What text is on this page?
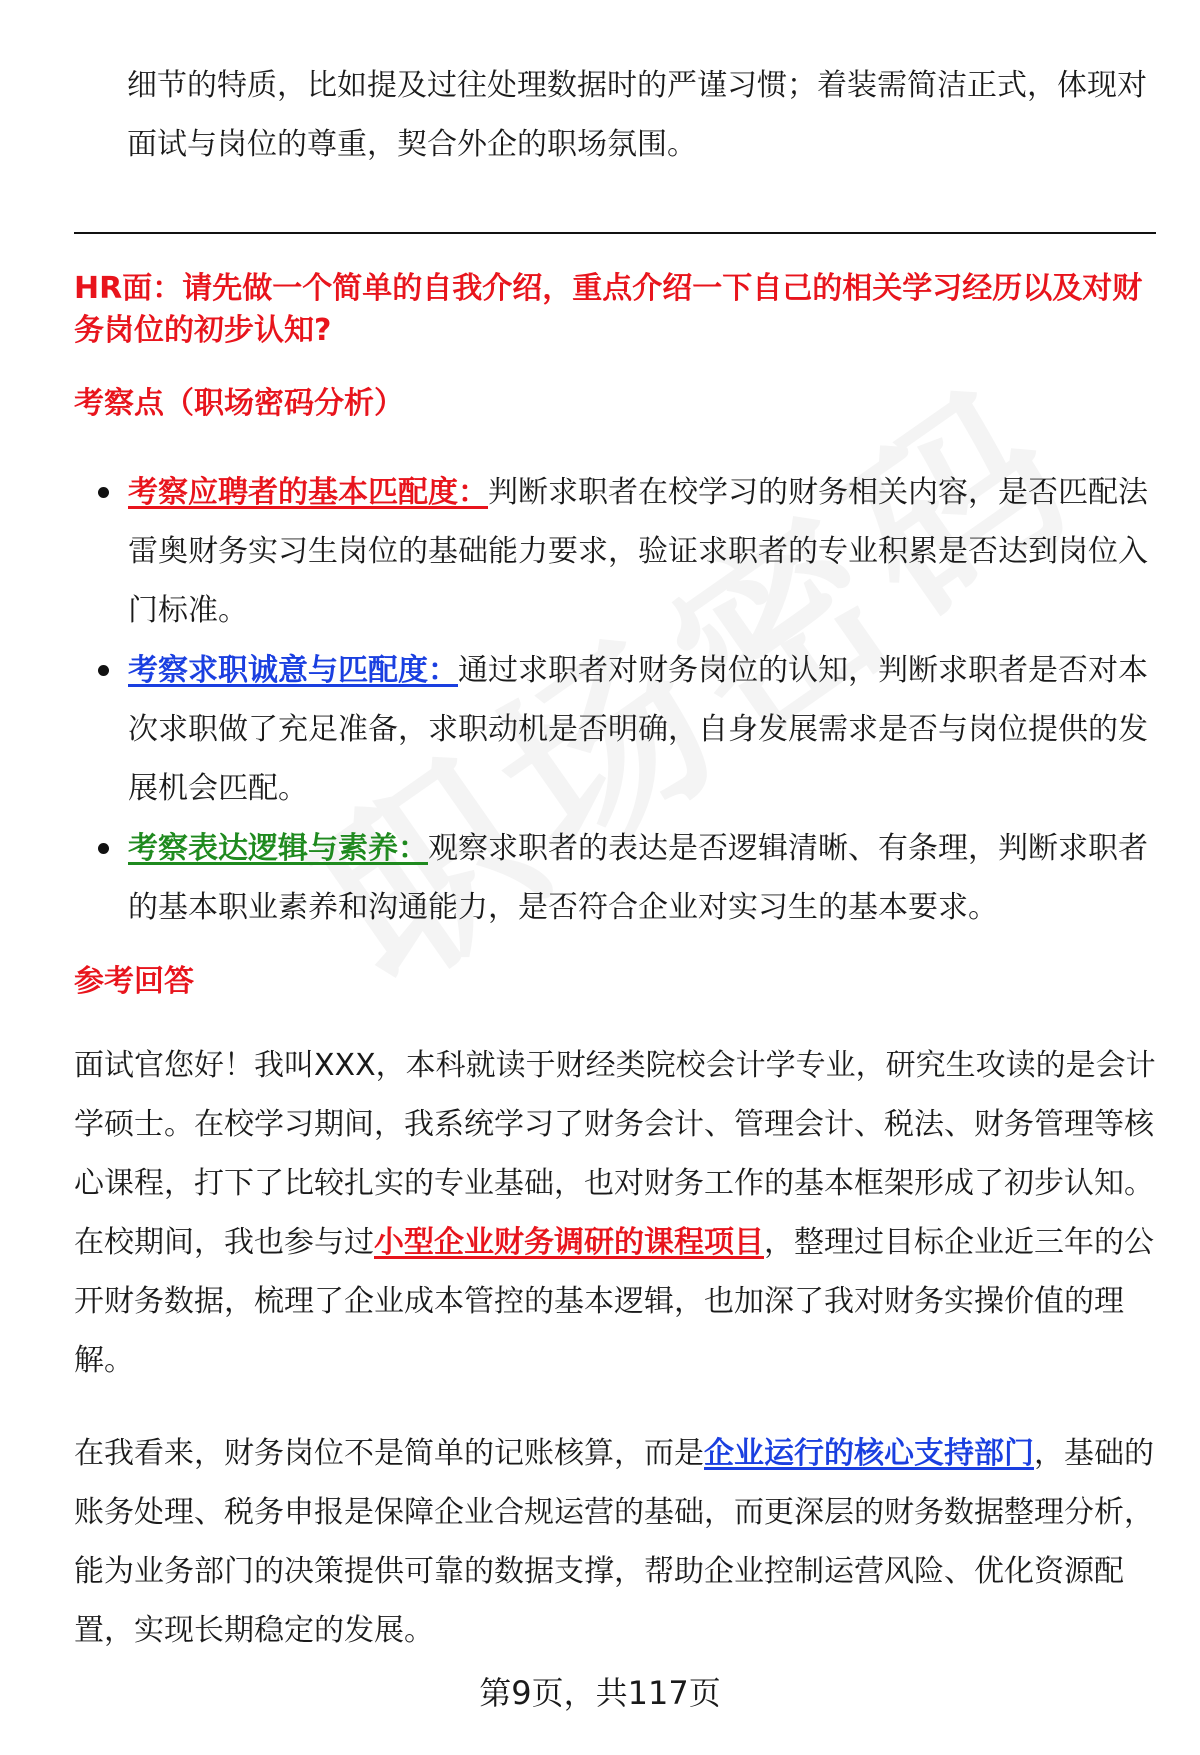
细节的特质，比如提及过往处理数据时的严谨习惯；着装需简洁正式，体现对
面试与岗位的尊重，契合外企的职场氛围。

HR面：请先做一个简单的自我介绍，重点介绍一下自己的相关学习经历以及对财务岗位的初步认知?

考察点（职场密码分析）

考察应聘者的基本匹配度：判断求职者在校学习的财务相关内容，是否匹配法雷奥财务实习生岗位的基础能力要求，验证求职者的专业积累是否达到岗位入门标准。
考察求职诚意与匹配度：通过求职者对财务岗位的认知，判断求职者是否对本次求职做了充足准备，求职动机是否明确，自身发展需求是否与岗位提供的发展机会匹配。
考察表达逻辑与素养：观察求职者的表达是否逻辑清晰、有条理，判断求职者的基本职业素养和沟通能力，是否符合企业对实习生的基本要求。

参考回答

面试官您好！我叫XXX，本科就读于财经类院校会计学专业，研究生攻读的是会计学硕士。在校学习期间，我系统学习了财务会计、管理会计、税法、财务管理等核心课程，打下了比较扎实的专业基础，也对财务工作的基本框架形成了初步认知。在校期间，我也参与过小型企业财务调研的课程项目，整理过目标企业近三年的公开财务数据，梳理了企业成本管控的基本逻辑，也加深了我对财务实操价值的理解。

在我看来，财务岗位不是简单的记账核算，而是企业运行的核心支持部门，基础的账务处理、税务申报是保障企业合规运营的基础，而更深层的财务数据整理分析，能为业务部门的决策提供可靠的数据支撑，帮助企业控制运营风险、优化资源配置，实现长期稳定的发展。

第9页，共117页
